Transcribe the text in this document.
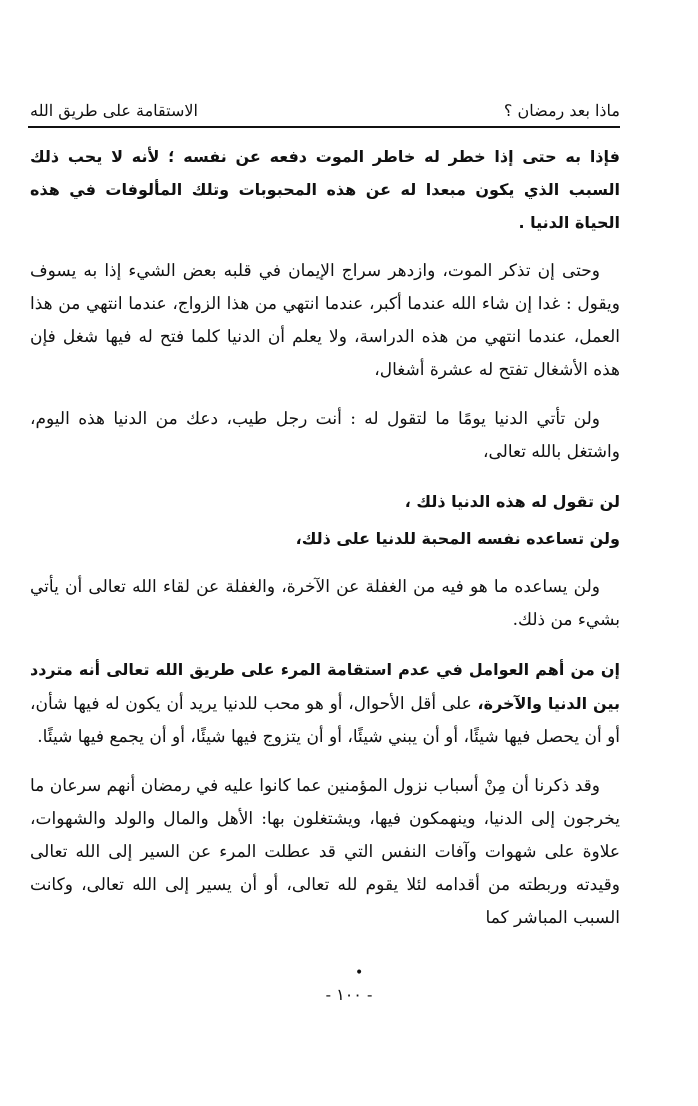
ماذا بعد رمضان ؟
الاستقامة على طريق الله

فإذا به حتى إذا خطر له خاطر الموت دفعه عن نفسه ؛ لأنه لا يحب ذلك السبب الذي يكون مبعدا له عن هذه المحبوبات وتلك المألوفات في هذه الحياة الدنيا .

وحتى إن تذكر الموت، وازدهر سراج الإيمان في قلبه بعض الشيء إذا به يسوف ويقول : غدا إن شاء الله عندما أكبر، عندما انتهي من هذا الزواج، عندما انتهي من هذا العمل، عندما انتهي من هذه الدراسة، ولا يعلم أن الدنيا كلما فتح له فيها شغل فإن هذه الأشغال تفتح له عشرة أشغال،

ولن تأتي الدنيا يومًا ما لتقول له : أنت رجل طيب، دعك من الدنيا هذه اليوم، واشتغل بالله تعالى،

لن تقول له هذه الدنيا ذلك ،

ولن تساعده نفسه المحبة للدنيا على ذلك،

ولن يساعده ما هو فيه من الغفلة عن الآخرة، والغفلة عن لقاء الله تعالى أن يأتي بشيء من ذلك.

إن من أهم العوامل في عدم استقامة المرء على طريق الله تعالى أنه متردد بين الدنيا والآخرة، على أقل الأحوال، أو هو محب للدنيا يريد أن يكون له فيها شأن، أو أن يحصل فيها شيئًا، أو أن يبني شيئًا، أو أن يتزوج فيها شيئًا، أو أن يجمع فيها شيئًا.

وقد ذكرنا أن مِنْ أسباب نزول المؤمنين عما كانوا عليه في رمضان أنهم سرعان ما يخرجون إلى الدنيا، وينهمكون فيها، ويشتغلون بها: الأهل والمال والولد والشهوات، علاوة على شهوات وآفات النفس التي قد عطلت المرء عن السير إلى الله تعالى وقيدته وربطته من أقدامه لئلا يقوم لله تعالى، أو أن يسير إلى الله تعالى، وكانت السبب المباشر كما

•
- ١٠٠ -
